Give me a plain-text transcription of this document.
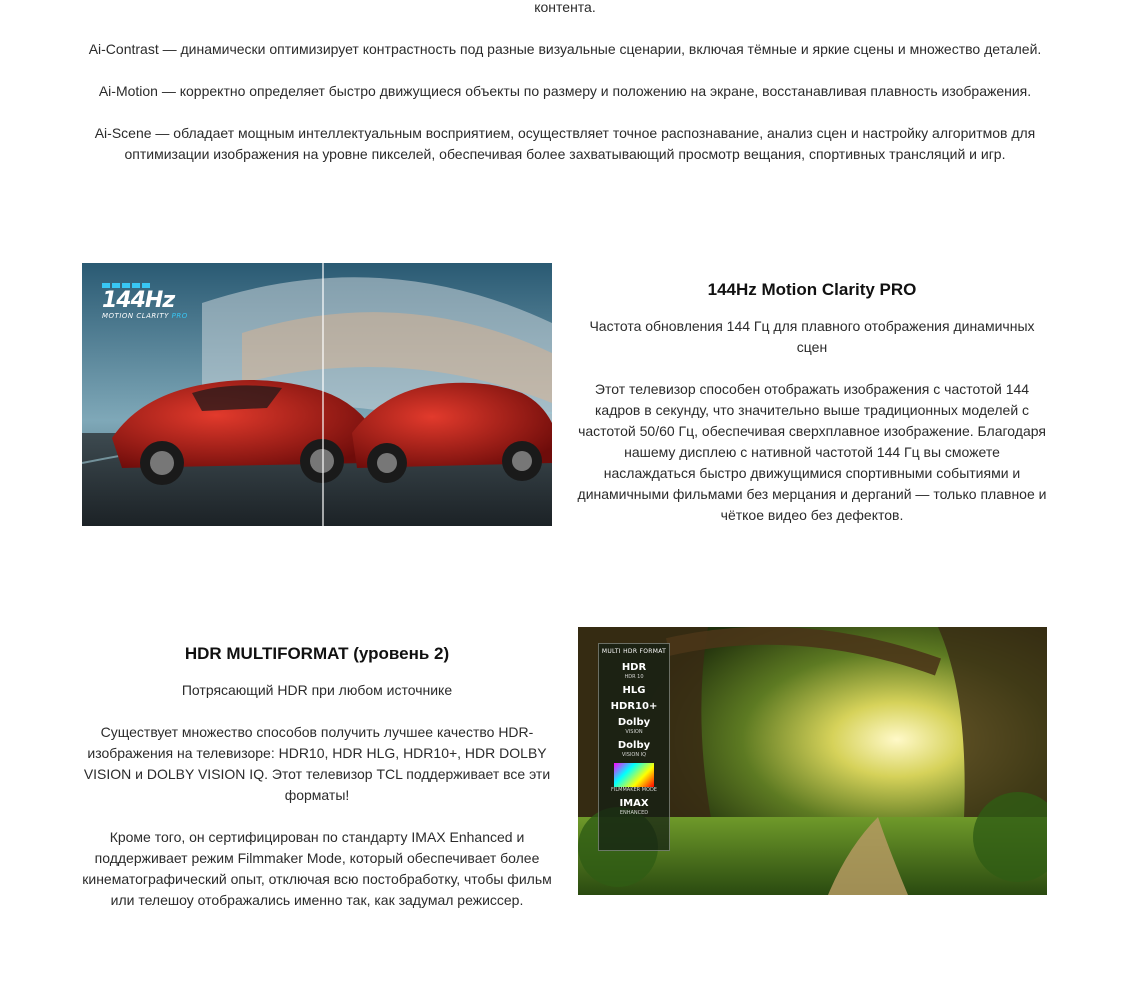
контента.

Ai-Contrast — динамически оптимизирует контрастность под разные визуальные сценарии, включая тёмные и яркие сцены и множество деталей.

Ai-Motion — корректно определяет быстро движущиеся объекты по размеру и положению на экране, восстанавливая плавность изображения.

Ai-Scene — обладает мощным интеллектуальным восприятием, осуществляет точное распознавание, анализ сцен и настройку алгоритмов для оптимизации изображения на уровне пикселей, обеспечивая более захватывающий просмотр вещания, спортивных трансляций и игр.

144Hz
MOTION CLARITY PRO
144Hz Motion Clarity PRO

Частота обновления 144 Гц для плавного отображения динамичных сцен

Этот телевизор способен отображать изображения с частотой 144 кадров в секунду, что значительно выше традиционных моделей с частотой 50/60 Гц, обеспечивая сверхплавное изображение. Благодаря нашему дисплею с нативной частотой 144 Гц вы сможете наслаждаться быстро движущимися спортивными событиями и динамичными фильмами без мерцания и дерганий — только плавное и чёткое видео без дефектов.

HDR MULTIFORMAT (уровень 2)

Потрясающий HDR при любом источнике

Существует множество способов получить лучшее качество HDR-изображения на телевизоре: HDR10, HDR HLG, HDR10+, HDR DOLBY VISION и DOLBY VISION IQ. Этот телевизор TCL поддерживает все эти форматы!

Кроме того, он сертифицирован по стандарту IMAX Enhanced и поддерживает режим Filmmaker Mode, который обеспечивает более кинематографический опыт, отключая всю постобработку, чтобы фильм или телешоу отображались именно так, как задумал режиссер.

MULTI HDR FORMAT
HDR
HDR 10
HLG
HDR10+
Dolby
VISION
Dolby
VISION IQ
FILMMAKER MODE
IMAX
ENHANCED
